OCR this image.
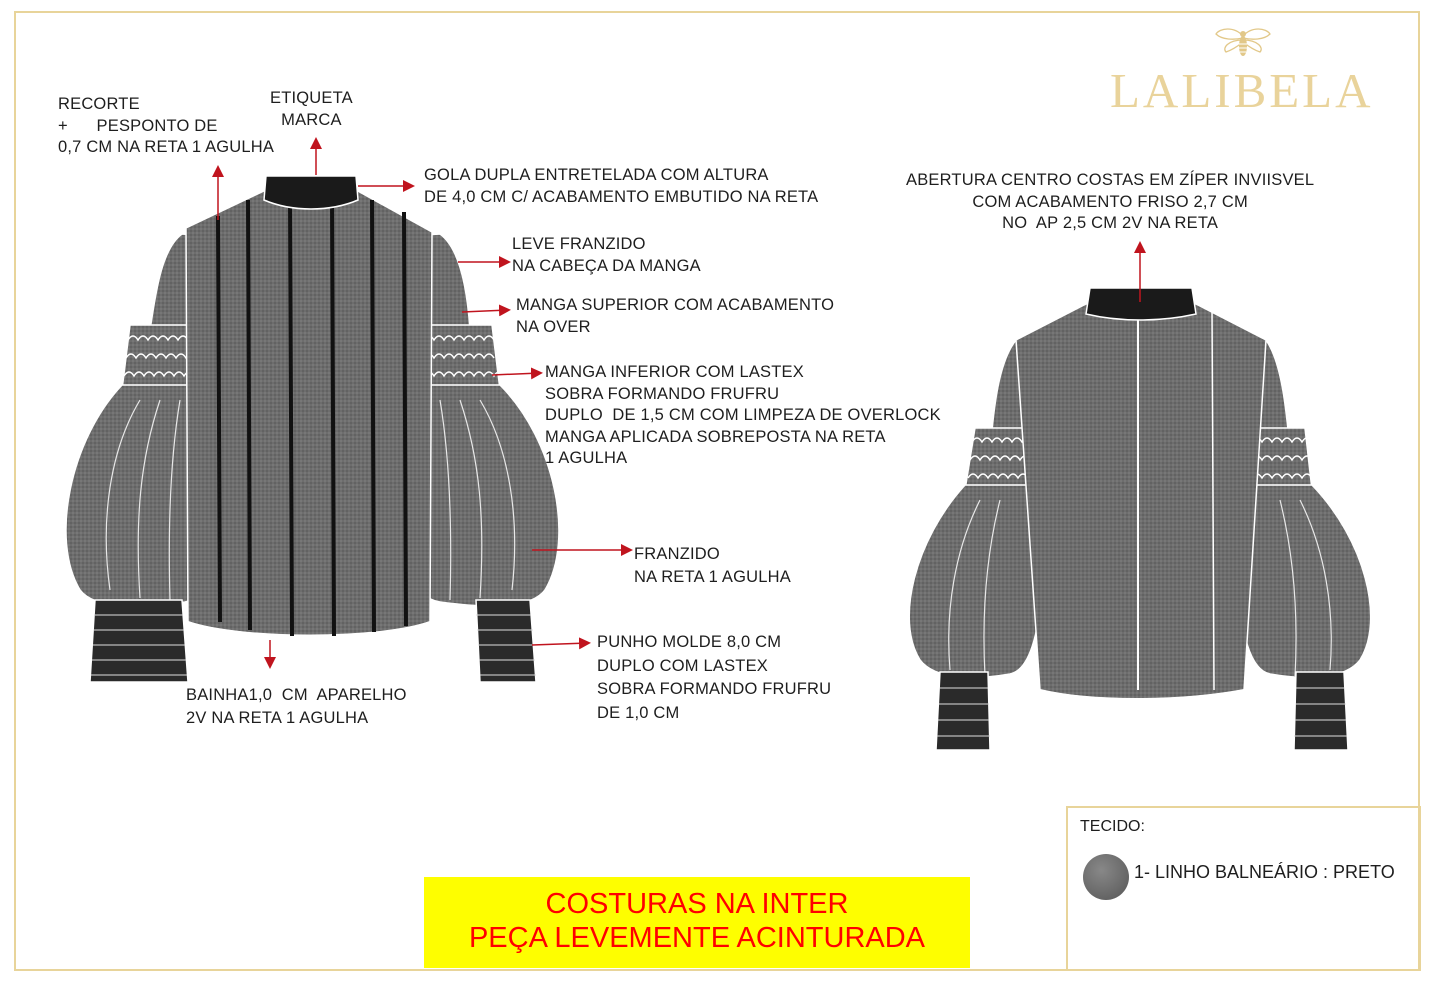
LALIBELA
RECORTE
+      PESPONTO DE
0,7 CM NA RETA 1 AGULHA
ETIQUETA
MARCA
GOLA DUPLA ENTRETELADA COM ALTURA
DE 4,0 CM C/ ACABAMENTO EMBUTIDO NA RETA
LEVE FRANZIDO
NA CABEÇA DA MANGA
MANGA SUPERIOR COM ACABAMENTO
NA OVER
MANGA INFERIOR COM LASTEX
SOBRA FORMANDO FRUFRU
DUPLO  DE 1,5 CM COM LIMPEZA DE OVERLOCK
MANGA APLICADA SOBREPOSTA NA RETA
1 AGULHA
FRANZIDO
NA RETA 1 AGULHA
PUNHO MOLDE 8,0 CM
DUPLO COM LASTEX
SOBRA FORMANDO FRUFRU
DE 1,0 CM
BAINHA1,0  CM  APARELHO
2V NA RETA 1 AGULHA
ABERTURA CENTRO COSTAS EM ZÍPER INVIISVEL
COM ACABAMENTO FRISO 2,7 CM
NO  AP 2,5 CM 2V NA RETA
COSTURAS NA INTER
PEÇA LEVEMENTE ACINTURADA
TECIDO:
1- LINHO BALNEÁRIO : PRETO
